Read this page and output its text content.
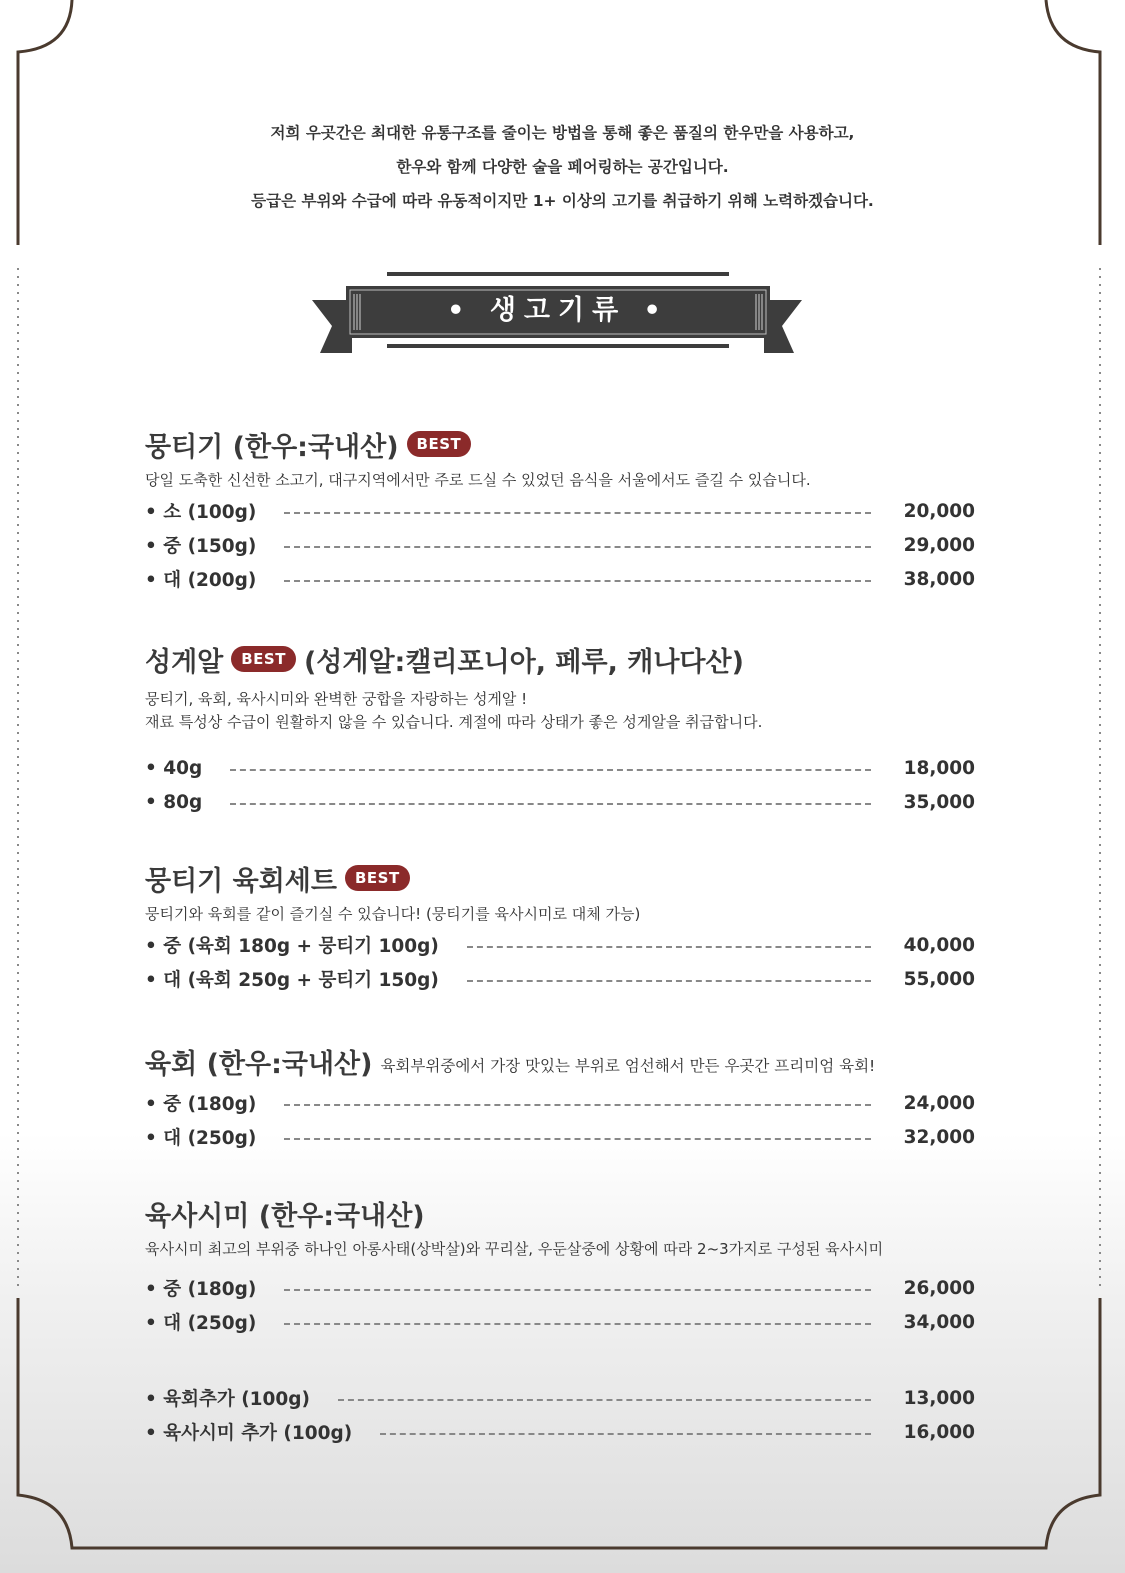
저희 우곳간은 최대한 유통구조를 줄이는 방법을 통해 좋은 품질의 한우만을 사용하고,
한우와 함께 다양한 술을 페어링하는 공간입니다.
등급은 부위와 수급에 따라 유동적이지만 1+ 이상의 고기를 취급하기 위해 노력하겠습니다.
• 생고기류 •
뭉티기 (한우:국내산)	BEST
당일 도축한 신선한 소고기, 대구지역에서만 주로 드실 수 있었던 음식을 서울에서도 즐길 수 있습니다.
• 소 (100g)	20,000
• 중 (150g)	29,000
• 대 (200g)	38,000
성게알	BEST (성게알:캘리포니아, 페루, 캐나다산)
뭉티기, 육회, 육사시미와 완벽한 궁합을 자랑하는 성게알 !
재료 특성상 수급이 원활하지 않을 수 있습니다. 계절에 따라 상태가 좋은 성게알을 취급합니다.
• 40g	18,000
• 80g	35,000
뭉티기 육회세트	BEST
뭉티기와 육회를 같이 즐기실 수 있습니다! (뭉티기를 육사시미로 대체 가능)
• 중 (육회 180g + 뭉티기 100g)	40,000
• 대 (육회 250g + 뭉티기 150g)	55,000
육회 (한우:국내산) 육회부위중에서 가장 맛있는 부위로 엄선해서 만든 우곳간 프리미엄 육회!
• 중 (180g)	24,000
• 대 (250g)	32,000
육사시미 (한우:국내산)
육사시미 최고의 부위중 하나인 아롱사태(상박살)와 꾸리살, 우둔살중에 상황에 따라 2~3가지로 구성된 육사시미
• 중 (180g)	26,000
• 대 (250g)	34,000
• 육회추가 (100g)	13,000
• 육사시미 추가 (100g)	16,000
